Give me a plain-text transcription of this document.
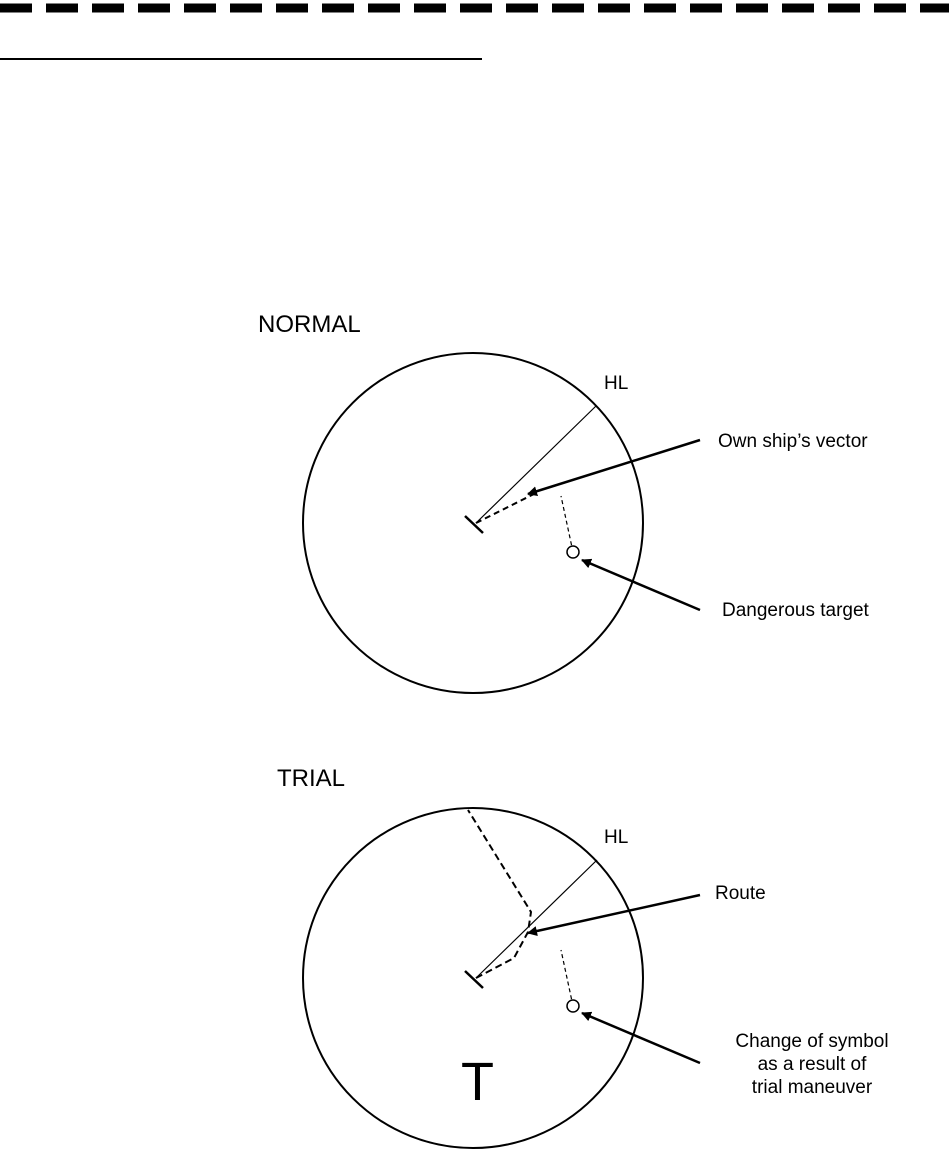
NORMAL
HL
Own ship’s vector
Dangerous target
TRIAL
HL
Route
Change of symbol
as a result of
trial maneuver
T
